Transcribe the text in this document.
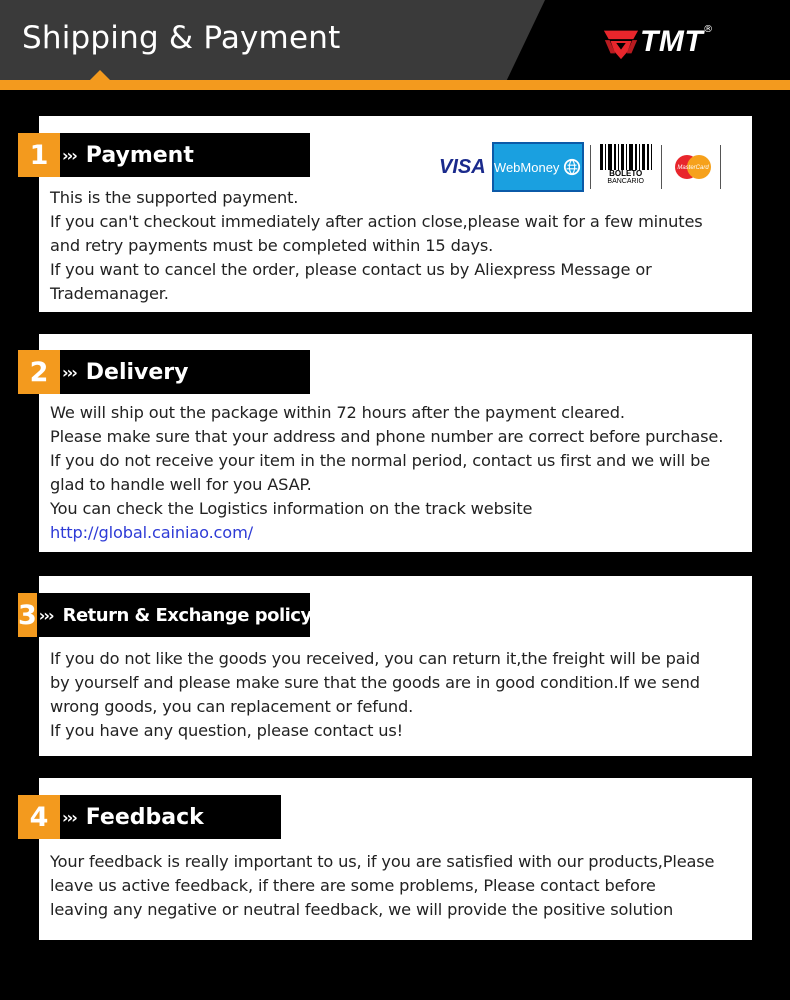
Shipping & Payment	TMT ®
1 ››› Payment	VISA WebMoney	BOLETO
BANCARIO
MasterCard

This is the supported payment.

If you can't checkout immediately after action close,please wait for a few minutes

and retry payments must be completed within 15 days.

If you want to cancel the order, please contact us by Aliexpress Message or

Trademanager.

2 ››› Delivery

We will ship out the package within 72 hours after the payment cleared.

Please make sure that your address and phone number are correct before purchase.

If you do not receive your item in the normal period, contact us first and we will be

glad to handle well for you ASAP.

You can check the Logistics information on the track website

http://global.cainiao.com/

3 ››› Return & Exchange policy

If you do not like the goods you received, you can return it,the freight will be paid

by yourself and please make sure that the goods are in good condition.If we send

wrong goods, you can replacement or fefund.

If you have any question, please contact us!

4 ››› Feedback

Your feedback is really important to us, if you are satisfied with our products,Please

leave us active feedback, if there are some problems, Please contact before

leaving any negative or neutral feedback, we will provide the positive solution
